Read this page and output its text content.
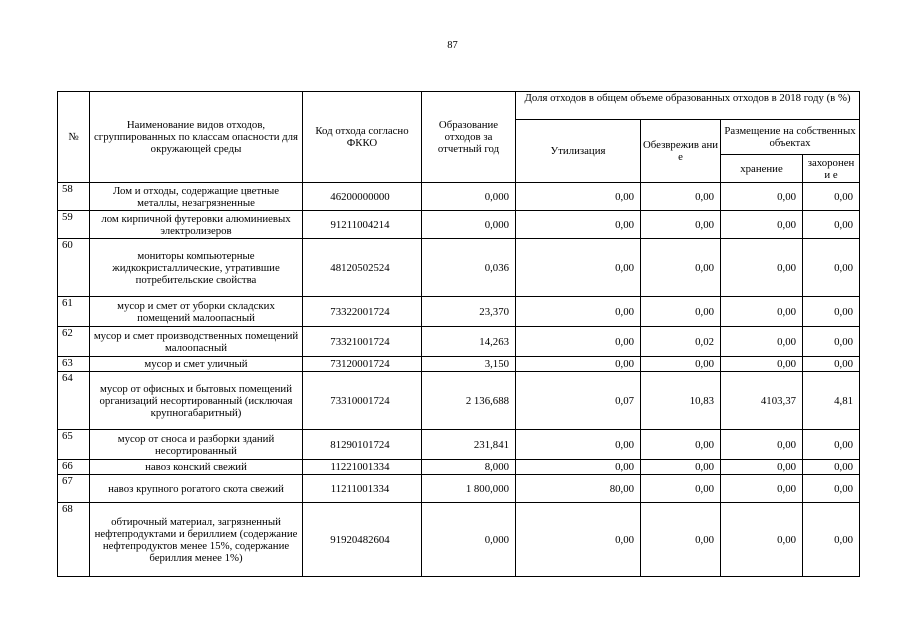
87
№	Наименование видов отходов, сгруппированных по классам опасности для окружающей среды	Код отхода согласно ФККО	Образование отходов за отчетный год	Доля отходов в общем объеме образованных отходов в 2018 году (в %)			
				Утилизация	Обезврежив ание	Размещение на собственных объектах	
						хранение	захоронени е
58	Лом и отходы, содержащие цветные металлы, незагрязненные	46200000000	0,000	0,00	0,00	0,00	0,00
59	лом кирпичной футеровки алюминиевых электролизеров	91211004214	0,000	0,00	0,00	0,00	0,00
60	мониторы компьютерные жидкокристаллические, утратившие потребительские свойства	48120502524	0,036	0,00	0,00	0,00	0,00
61	мусор и смет от уборки складских помещений малоопасный	73322001724	23,370	0,00	0,00	0,00	0,00
62	мусор и смет производственных помещений малоопасный	73321001724	14,263	0,00	0,02	0,00	0,00
63	мусор и смет уличный	73120001724	3,150	0,00	0,00	0,00	0,00
64	мусор от офисных и бытовых помещений организаций несортированный (исключая крупногабаритный)	73310001724	2 136,688	0,07	10,83	4103,37	4,81
65	мусор от сноса и разборки зданий несортированный	81290101724	231,841	0,00	0,00	0,00	0,00
66	навоз конский свежий	11221001334	8,000	0,00	0,00	0,00	0,00
67	навоз крупного рогатого скота свежий	11211001334	1 800,000	80,00	0,00	0,00	0,00
68	обтирочный материал, загрязненный нефтепродуктами и бериллием (содержание нефтепродуктов менее 15%, содержание бериллия менее 1%)	91920482604	0,000	0,00	0,00	0,00	0,00
